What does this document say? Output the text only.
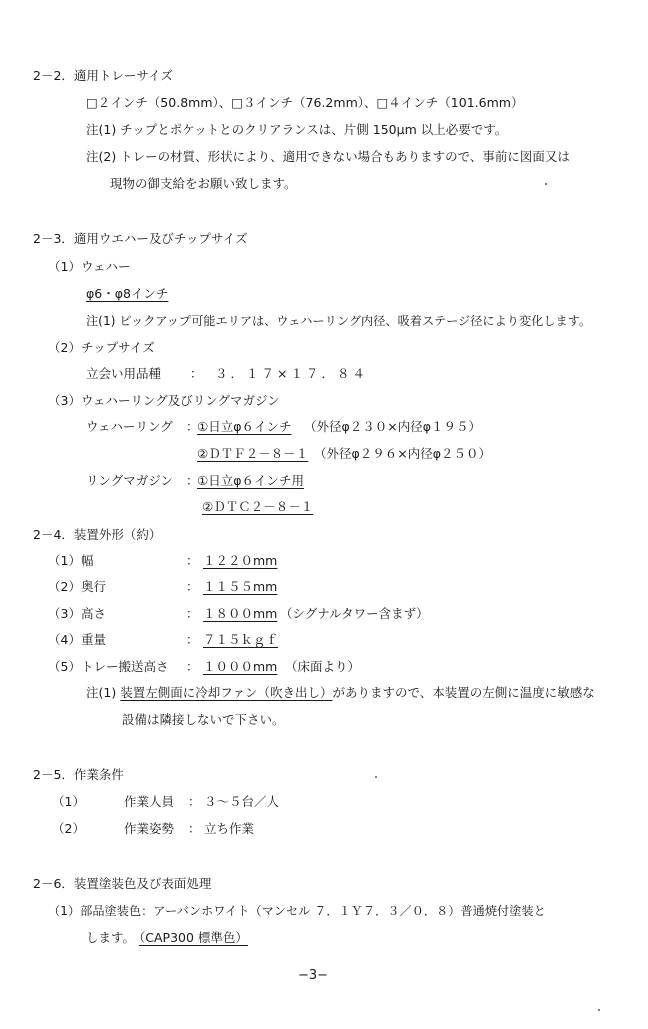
2－2．適用トレーサイズ
□２インチ（50.8mm）、□３インチ（76.2mm）、□４インチ（101.6mm）
注(1) チップとポケットとのクリアランスは、片側 150μm 以上必要です。
注(2) トレーの材質、形状により、適用できない場合もありますので、事前に図面又は
現物の御支給をお願い致します。
2－3．適用ウエハー及びチップサイズ
（1）ウェハー
φ6・φ8インチ
注(1) ピックアップ可能エリアは、ウェハーリング内径、吸着ステージ径により変化します。
（2）チップサイズ
立会い用品種 ： ３．１７×１７．８４
（3）ウェハーリング及びリングマガジン
ウェハーリング ：
①日立φ６インチ （外径φ２３０×内径φ１９５）
②ＤＴＦ２－８－１ （外径φ２９６×内径φ２５０）
リングマガジン ：
①日立φ６インチ用
②ＤＴＣ２－８－１
2－4．装置外形（約）
（1）幅	： １２２０mm
（2）奥行	： １１５５mm
（3）高さ	： １８００mm （シグナルタワー含まず）
（4）重量	： ７１５ｋｇｆ
（5）トレー搬送高さ ： １０００mm （床面より）
注(1) 装置左側面に冷却ファン（吹き出し）がありますので、本装置の左側に温度に敏感な
設備は隣接しないで下さい。
2－5．作業条件
（1）	作業人員 ： ３～５台／人
（2）	作業姿勢 ： 立ち作業
2－6．装置塗装色及び表面処理
（1）部品塗装色：アーバンホワイト（マンセル ７．１Ｙ７．３／０．８）普通焼付塗装と
します。 （CAP300 標準色）
−3−
